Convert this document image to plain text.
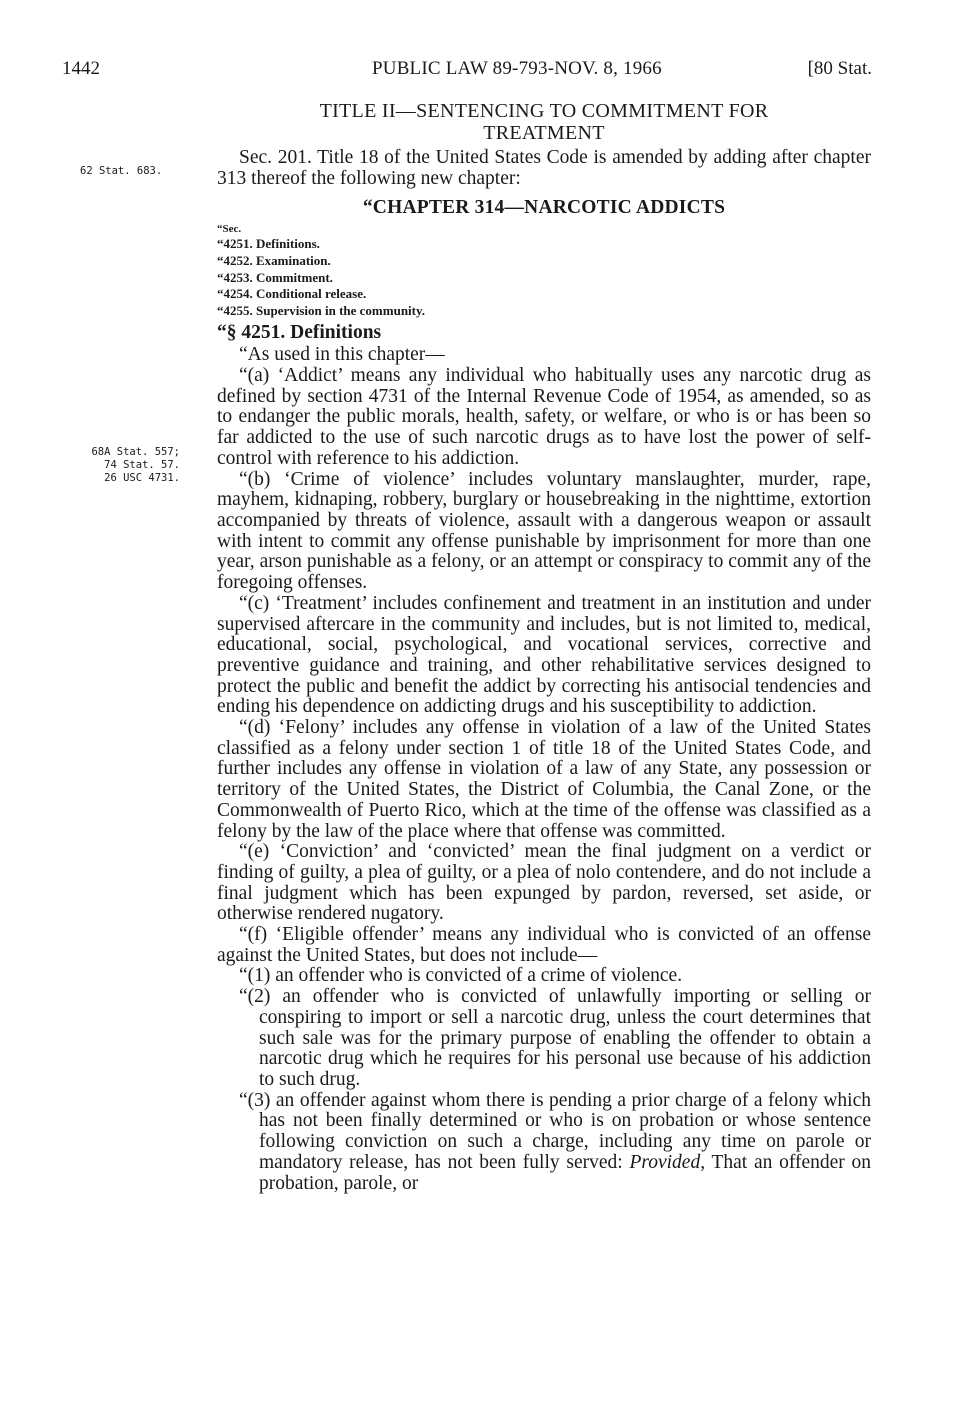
1442	PUBLIC LAW 89-793-NOV. 8, 1966	[80 Stat.
62 Stat. 683.
68A Stat. 557;
74 Stat. 57.
26 USC 4731.
TITLE II—SENTENCING TO COMMITMENT FOR
TREATMENT

Sec. 201. Title 18 of the United States Code is amended by adding after chapter 313 thereof the following new chapter:

“CHAPTER 314—NARCOTIC ADDICTS
“Sec.
“4251. Definitions.
“4252. Examination.
“4253. Commitment.
“4254. Conditional release.
“4255. Supervision in the community.
“§ 4251. Definitions

“As used in this chapter—

“(a) ‘Addict’ means any individual who habitually uses any narcotic drug as defined by section 4731 of the Internal Revenue Code of 1954, as amended, so as to endanger the public morals, health, safety, or welfare, or who is or has been so far addicted to the use of such narcotic drugs as to have lost the power of self-control with reference to his addiction.

“(b) ‘Crime of violence’ includes voluntary manslaughter, murder, rape, mayhem, kidnaping, robbery, burglary or housebreaking in the nighttime, extortion accompanied by threats of violence, assault with a dangerous weapon or assault with intent to commit any offense punishable by imprisonment for more than one year, arson punishable as a felony, or an attempt or conspiracy to commit any of the foregoing offenses.

“(c) ‘Treatment’ includes confinement and treatment in an institution and under supervised aftercare in the community and includes, but is not limited to, medical, educational, social, psychological, and vocational services, corrective and preventive guidance and training, and other rehabilitative services designed to protect the public and benefit the addict by correcting his antisocial tendencies and ending his dependence on addicting drugs and his susceptibility to addiction.

“(d) ‘Felony’ includes any offense in violation of a law of the United States classified as a felony under section 1 of title 18 of the United States Code, and further includes any offense in violation of a law of any State, any possession or territory of the United States, the District of Columbia, the Canal Zone, or the Commonwealth of Puerto Rico, which at the time of the offense was classified as a felony by the law of the place where that offense was committed.

“(e) ‘Conviction’ and ‘convicted’ mean the final judgment on a verdict or finding of guilty, a plea of guilty, or a plea of nolo contendere, and do not include a final judgment which has been expunged by pardon, reversed, set aside, or otherwise rendered nugatory.

“(f) ‘Eligible offender’ means any individual who is convicted of an offense against the United States, but does not include—

“(1) an offender who is convicted of a crime of violence.

“(2) an offender who is convicted of unlawfully importing or selling or conspiring to import or sell a narcotic drug, unless the court determines that such sale was for the primary purpose of enabling the offender to obtain a narcotic drug which he requires for his personal use because of his addiction to such drug.

“(3) an offender against whom there is pending a prior charge of a felony which has not been finally determined or who is on probation or whose sentence following conviction on such a charge, including any time on parole or mandatory release, has not been fully served: Provided, That an offender on probation, parole, or
